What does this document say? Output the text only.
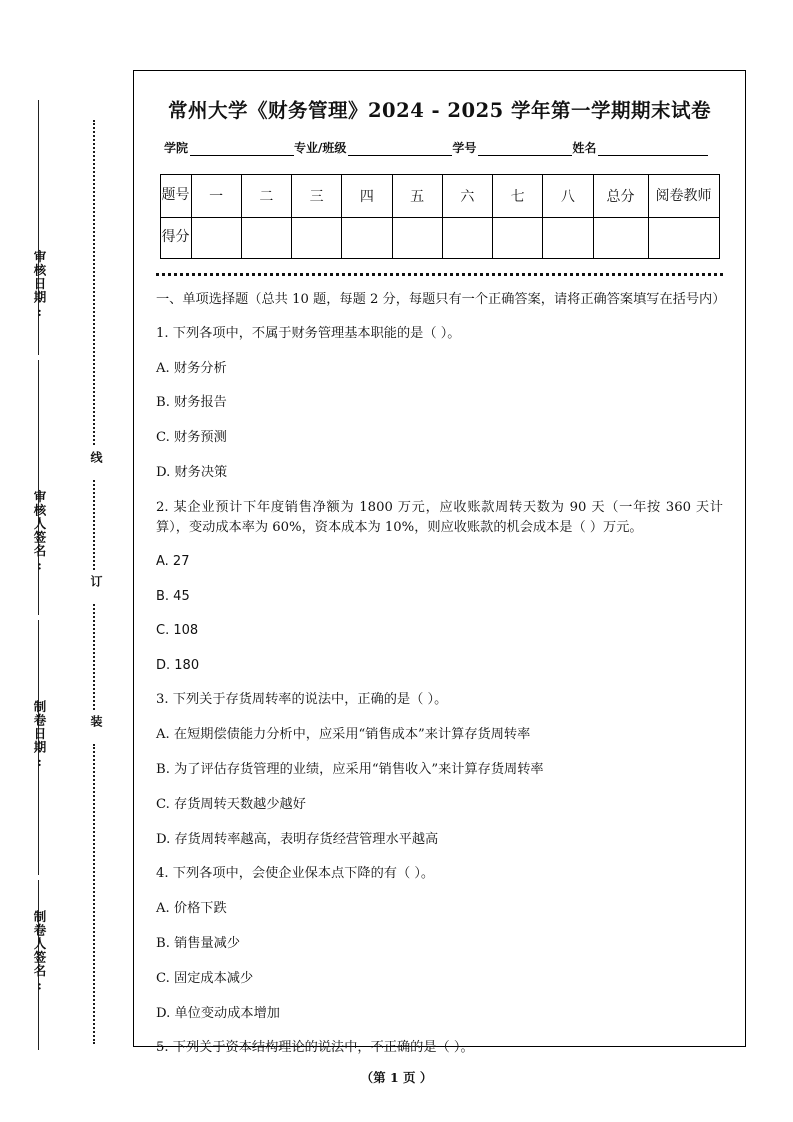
审核日期:
审核人签名:
制卷日期:
制卷人签名:
线
订
装
常州大学《财务管理》2024 - 2025 学年第一学期期末试卷
学院	专业/班级	学号	姓名
题号	一	二	三	四	五	六	七	八	总分	阅卷教师
得分										
一、单项选择题（总共 10 题，每题 2 分，每题只有一个正确答案，请将正确答案填写在括号内）
1. 下列各项中，不属于财务管理基本职能的是（ ）。
A. 财务分析
B. 财务报告
C. 财务预测
D. 财务决策
2. 某企业预计下年度销售净额为 1800 万元，应收账款周转天数为 90 天（一年按 360 天计算），变动成本率为 60%，资本成本为 10%，则应收账款的机会成本是（ ）万元。
A. 27
B. 45
C. 108
D. 180
3. 下列关于存货周转率的说法中，正确的是（ ）。
A. 在短期偿债能力分析中，应采用“销售成本”来计算存货周转率
B. 为了评估存货管理的业绩，应采用“销售收入”来计算存货周转率
C. 存货周转天数越少越好
D. 存货周转率越高，表明存货经营管理水平越高
4. 下列各项中，会使企业保本点下降的有（ ）。
A. 价格下跌
B. 销售量减少
C. 固定成本减少
D. 单位变动成本增加
5. 下列关于资本结构理论的说法中，不正确的是（ ）。
（第 1 页 ）
